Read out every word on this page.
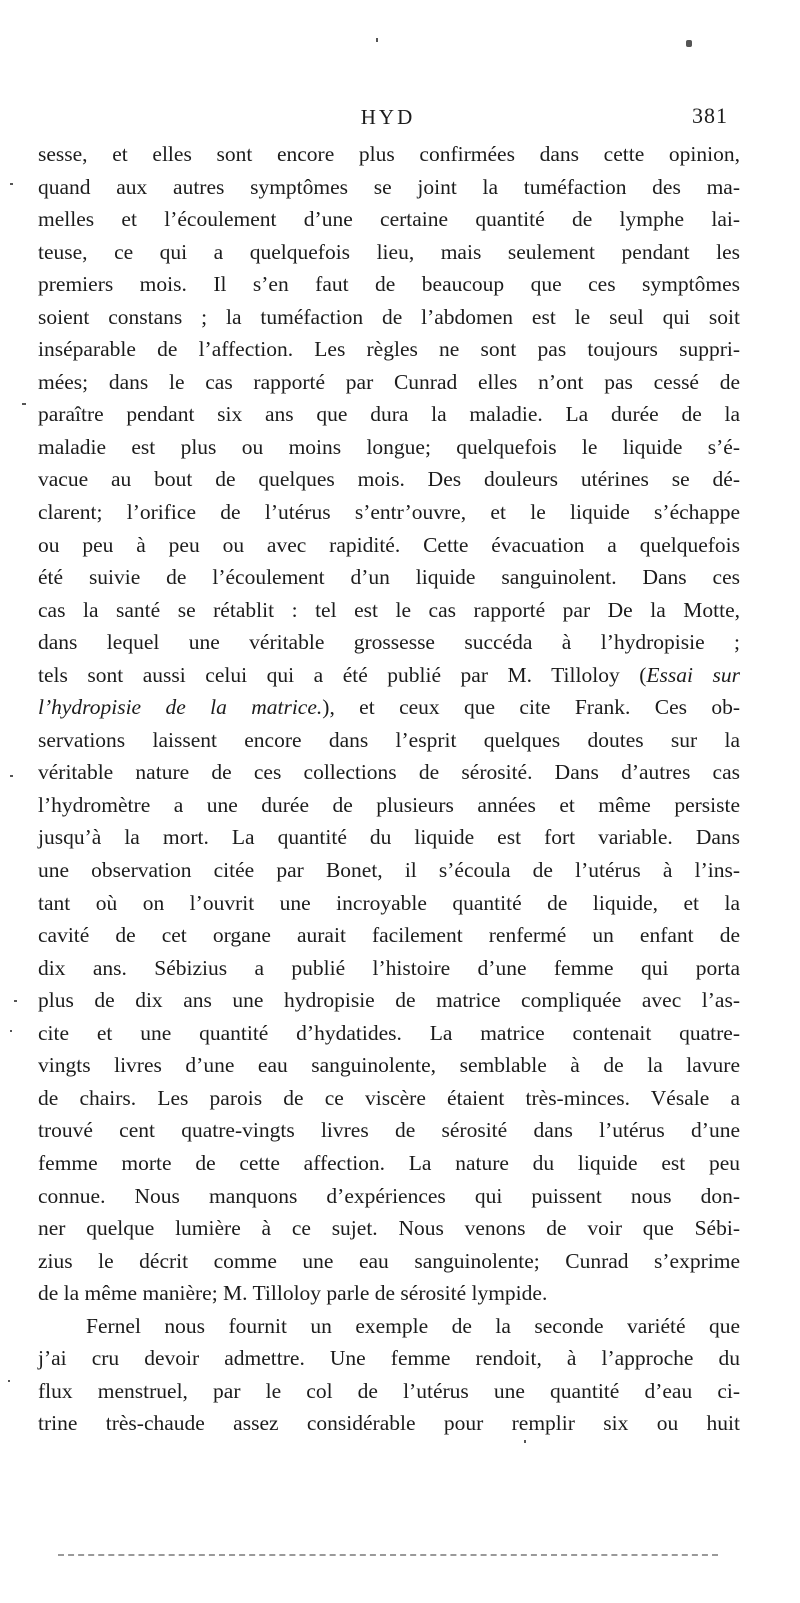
HYD	381
sesse, et elles sont encore plus confirmées dans cette opinion,
quand aux autres symptômes se joint la tuméfaction des ma-
melles et l’écoulement d’une certaine quantité de lymphe lai-
teuse, ce qui a quelquefois lieu, mais seulement pendant les
premiers mois. Il s’en faut de beaucoup que ces symptômes
soient constans ; la tuméfaction de l’abdomen est le seul qui soit
inséparable de l’affection. Les règles ne sont pas toujours suppri-
mées; dans le cas rapporté par Cunrad elles n’ont pas cessé de
paraître pendant six ans que dura la maladie. La durée de la
maladie est plus ou moins longue; quelquefois le liquide s’é-
vacue au bout de quelques mois. Des douleurs utérines se dé-
clarent; l’orifice de l’utérus s’entr’ouvre, et le liquide s’échappe
ou peu à peu ou avec rapidité. Cette évacuation a quelquefois
été suivie de l’écoulement d’un liquide sanguinolent. Dans ces
cas la santé se rétablit : tel est le cas rapporté par De la Motte,
dans lequel une véritable grossesse succéda à l’hydropisie ;
tels sont aussi celui qui a été publié par M. Tilloloy (Essai sur
l’hydropisie de la matrice.), et ceux que cite Frank. Ces ob-
servations laissent encore dans l’esprit quelques doutes sur la
véritable nature de ces collections de sérosité. Dans d’autres cas
l’hydromètre a une durée de plusieurs années et même persiste
jusqu’à la mort. La quantité du liquide est fort variable. Dans
une observation citée par Bonet, il s’écoula de l’utérus à l’ins-
tant où on l’ouvrit une incroyable quantité de liquide, et la
cavité de cet organe aurait facilement renfermé un enfant de
dix ans. Sébizius a publié l’histoire d’une femme qui porta
plus de dix ans une hydropisie de matrice compliquée avec l’as-
cite et une quantité d’hydatides. La matrice contenait quatre-
vingts livres d’une eau sanguinolente, semblable à de la lavure
de chairs. Les parois de ce viscère étaient très-minces. Vésale a
trouvé cent quatre-vingts livres de sérosité dans l’utérus d’une
femme morte de cette affection. La nature du liquide est peu
connue. Nous manquons d’expériences qui puissent nous don-
ner quelque lumière à ce sujet. Nous venons de voir que Sébi-
zius le décrit comme une eau sanguinolente; Cunrad s’exprime
de la même manière; M. Tilloloy parle de sérosité lympide.
Fernel nous fournit un exemple de la seconde variété que
j’ai cru devoir admettre. Une femme rendoit, à l’approche du
flux menstruel, par le col de l’utérus une quantité d’eau ci-
trine très-chaude assez considérable pour remplir six ou huit
